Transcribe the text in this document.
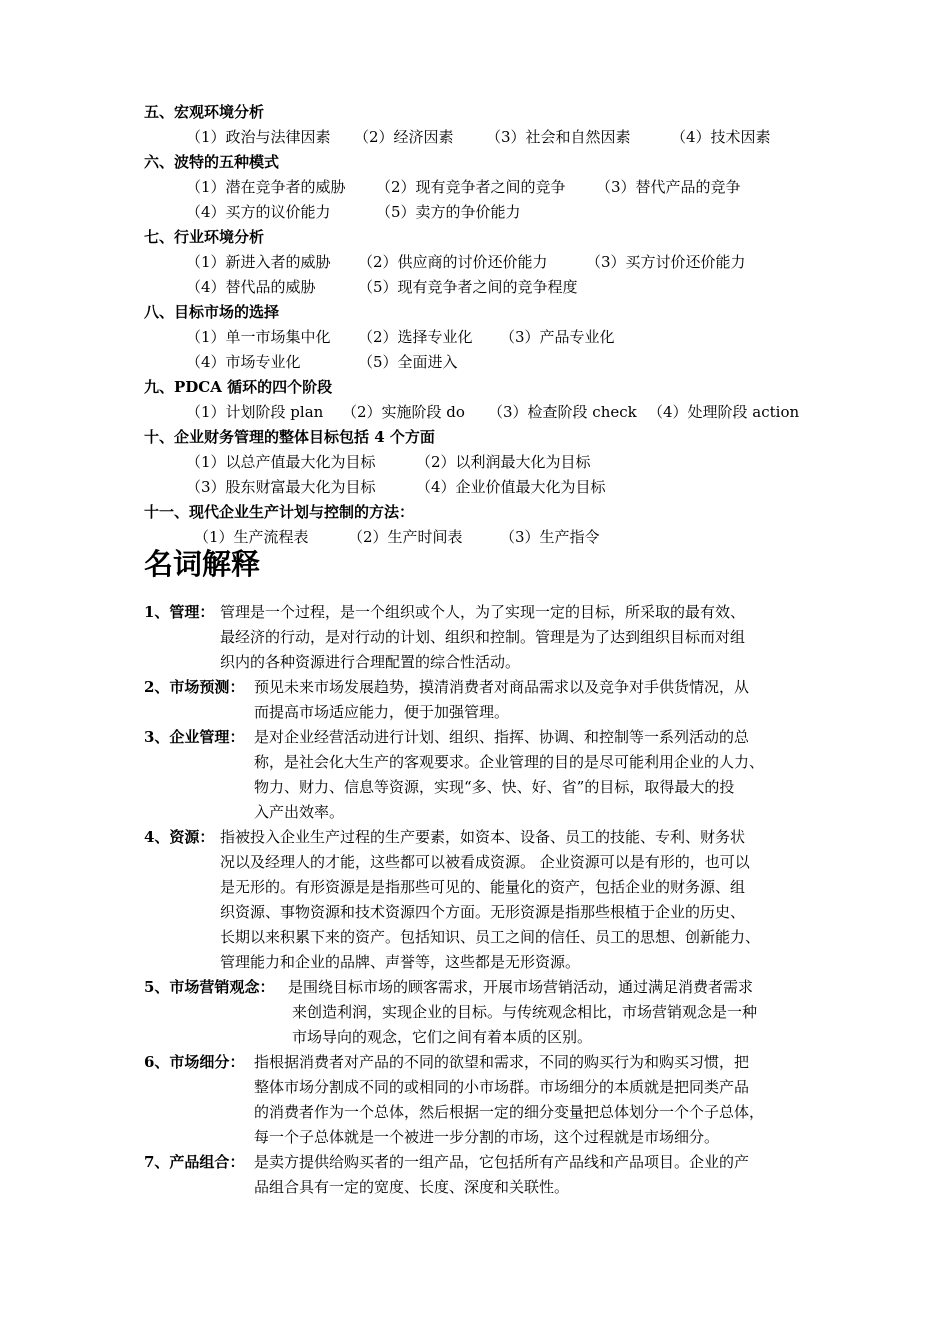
五、宏观环境分析
（1）政治与法律因素 （2）经济因素 （3）社会和自然因素	（4）技术因素
六、波特的五种模式
（1）潜在竞争者的威胁 （2）现有竞争者之间的竞争 （3）替代产品的竞争
（4）买方的议价能力	（5）卖方的争价能力
七、行业环境分析
（1）新进入者的威胁 （2）供应商的讨价还价能力	（3）买方讨价还价能力
（4）替代品的威胁	（5）现有竞争者之间的竞争程度
八、目标市场的选择
（1）单一市场集中化 （2）选择专业化 （3）产品专业化
（4）市场专业化	（5）全面进入
九、PDCA 循环的四个阶段
（1）计划阶段 plan （2）实施阶段 do （3）检查阶段 check （4）处理阶段 action
十、企业财务管理的整体目标包括 4 个方面
（1）以总产值最大化为目标	（2）以利润最大化为目标
（3）股东财富最大化为目标	（4）企业价值最大化为目标
十一、现代企业生产计划与控制的方法：
（1）生产流程表	（2）生产时间表 （3）生产指令
名词解释
1、管理： 管理是一个过程，是一个组织或个人，为了实现一定的目标，所采取的最有效、
最经济的行动，是对行动的计划、组织和控制。管理是为了达到组织目标而对组
织内的各种资源进行合理配置的综合性活动。
2、市场预测： 预见未来市场发展趋势，摸清消费者对商品需求以及竞争对手供货情况，从
而提高市场适应能力，便于加强管理。
3、企业管理： 是对企业经营活动进行计划、组织、指挥、协调、和控制等一系列活动的总
称，是社会化大生产的客观要求。企业管理的目的是尽可能利用企业的人力、
物力、财力、信息等资源，实现“多、快、好、省”的目标，取得最大的投
入产出效率。
4、资源： 指被投入企业生产过程的生产要素，如资本、设备、员工的技能、专利、财务状
况以及经理人的才能，这些都可以被看成资源。 企业资源可以是有形的，也可以
是无形的。有形资源是是指那些可见的、能量化的资产，包括企业的财务源、组
织资源、事物资源和技术资源四个方面。无形资源是指那些根植于企业的历史、
长期以来积累下来的资产。包括知识、员工之间的信任、员工的思想、创新能力、
管理能力和企业的品牌、声誉等，这些都是无形资源。
5、市场营销观念： 是围绕目标市场的顾客需求，开展市场营销活动，通过满足消费者需求
来创造利润，实现企业的目标。与传统观念相比，市场营销观念是一种
市场导向的观念，它们之间有着本质的区别。
6、市场细分： 指根据消费者对产品的不同的欲望和需求，不同的购买行为和购买习惯，把
整体市场分割成不同的或相同的小市场群。市场细分的本质就是把同类产品
的消费者作为一个总体，然后根据一定的细分变量把总体划分一个个子总体，
每一个子总体就是一个被进一步分割的市场，这个过程就是市场细分。
7、产品组合： 是卖方提供给购买者的一组产品，它包括所有产品线和产品项目。企业的产
品组合具有一定的宽度、长度、深度和关联性。
